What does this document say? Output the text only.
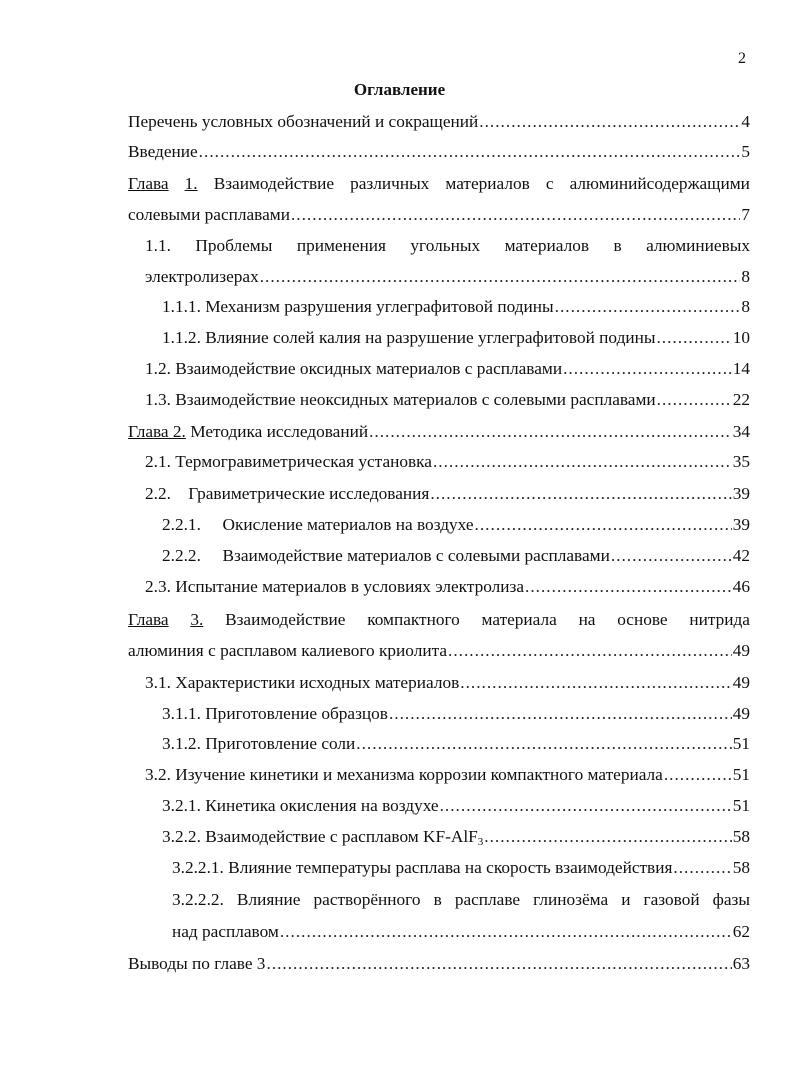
2
Оглавление
Перечень условных обозначений и сокращений .....	4
Введение .....	5
Глава 1. Взаимодействие различных материалов с алюминийсодержащими
солевыми расплавами .....	7
1.1. Проблемы применения угольных материалов в алюминиевых
электролизерах .....	8
1.1.1. Механизм разрушения углеграфитовой подины .....	8
1.1.2. Влияние солей калия на разрушение углеграфитовой подины .....	10
1.2. Взаимодействие оксидных материалов с расплавами .....	14
1.3. Взаимодействие неоксидных материалов с солевыми расплавами .....	22
Глава 2. Методика исследований .....	34
2.1. Термогравиметрическая установка .....	35
2.2.    Гравиметрические исследования .....	39
2.2.1.     Окисление материалов на воздухе .....	39
2.2.2.     Взаимодействие материалов с солевыми расплавами .....	42
2.3. Испытание материалов в условиях электролиза .....	46
Глава 3. Взаимодействие компактного материала на основе нитрида
алюминия с расплавом калиевого криолита .....	49
3.1. Характеристики исходных материалов .....	49
3.1.1. Приготовление образцов .....	49
3.1.2. Приготовление соли .....	51
3.2. Изучение кинетики и механизма коррозии компактного материала .....	51
3.2.1. Кинетика окисления на воздухе .....	51
3.2.2. Взаимодействие с расплавом KF-AlF$_3$ .....	58
3.2.2.1. Влияние температуры расплава на скорость взаимодействия .....	58
3.2.2.2. Влияние растворённого в расплаве глинозёма и газовой фазы
над расплавом .....	62
Выводы по главе 3 .....	63
